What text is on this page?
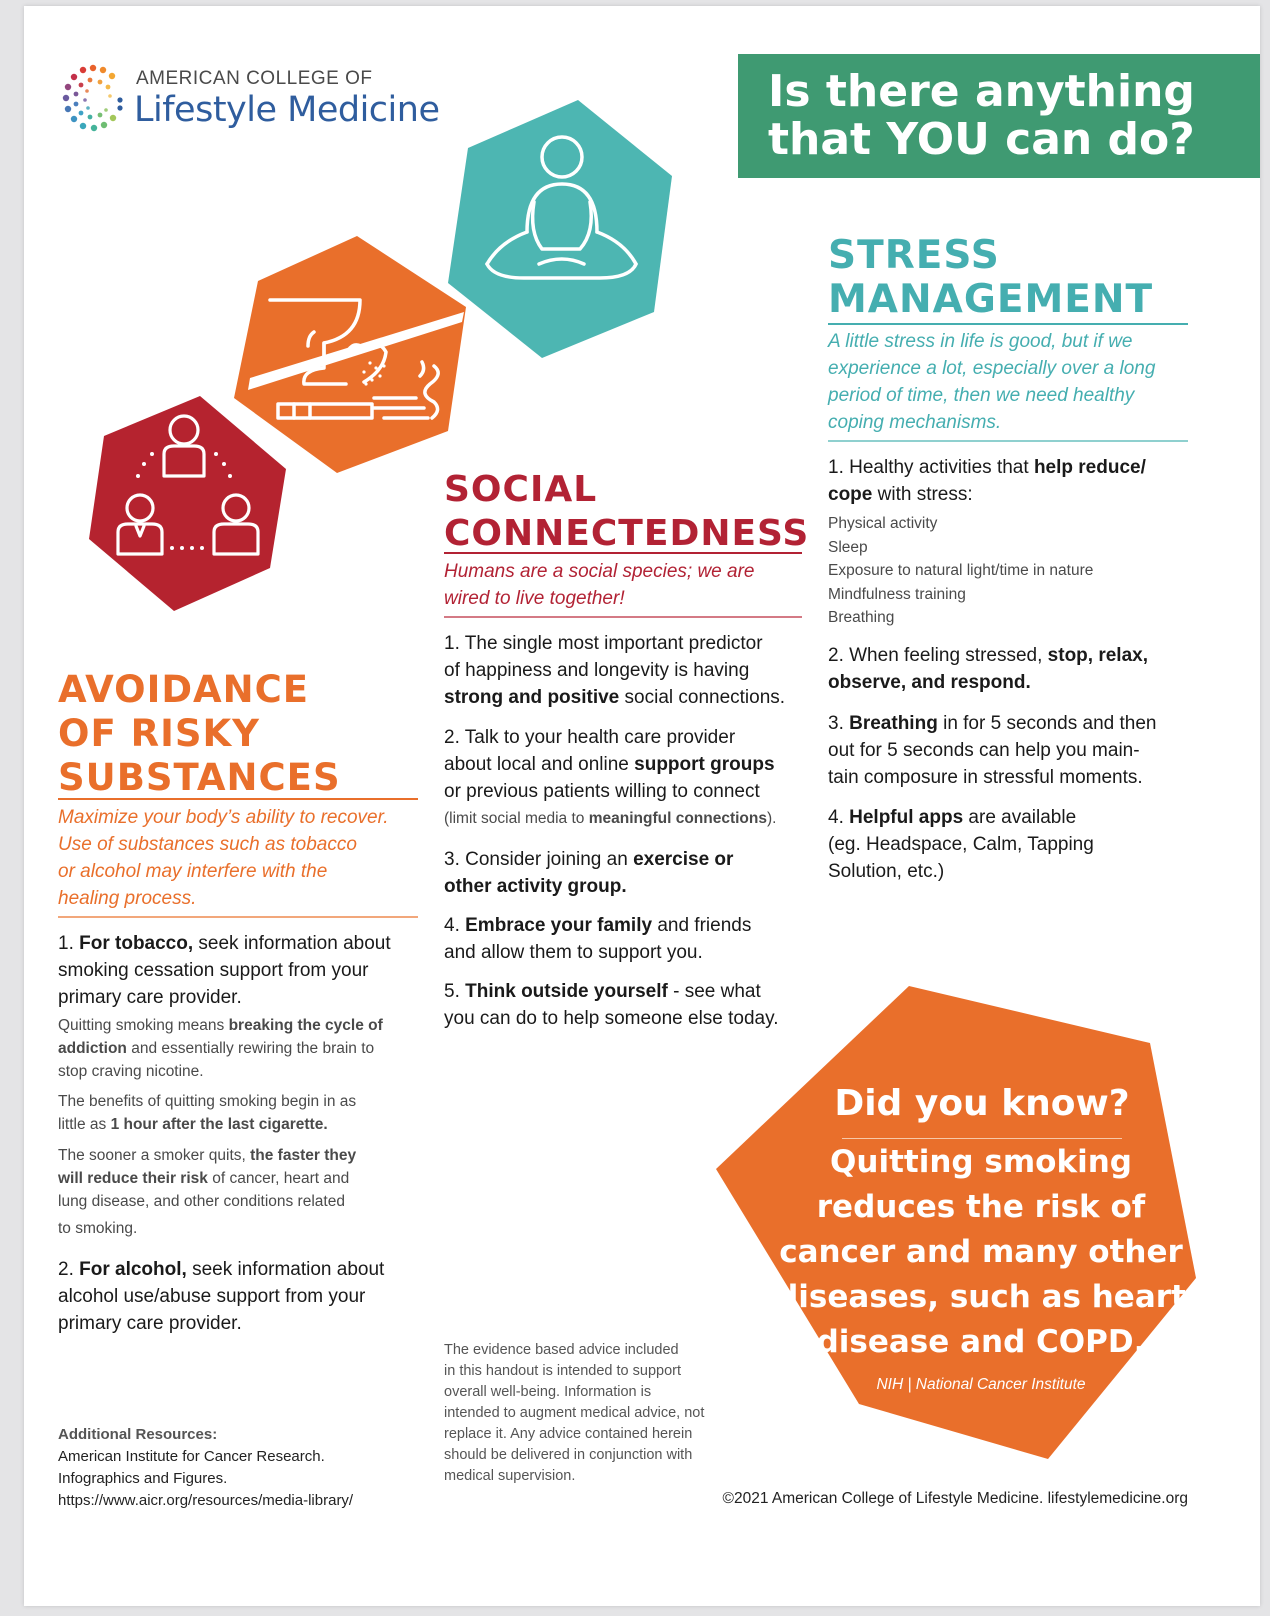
AMERICAN COLLEGE OF
Lifestyle Medicine	Is there anything
that YOU can do?
STRESS
MANAGEMENT
A little stress in life is good, but if we
experience a lot, especially over a long
period of time, then we need healthy
coping mechanisms.
1. Healthy activities that help reduce/
cope with stress:
Physical activity
Sleep
Exposure to natural light/time in nature
Mindfulness training
Breathing
2. When feeling stressed, stop, relax,
observe, and respond.
3. Breathing in for 5 seconds and then
out for 5 seconds can help you main-
tain composure in stressful moments.
4. Helpful apps are available
(eg. Headspace, Calm, Tapping
Solution, etc.)
SOCIAL
CONNECTEDNESS
Humans are a social species; we are
wired to live together!
1. The single most important predictor
of happiness and longevity is having
strong and positive social connections.
2. Talk to your health care provider
about local and online support groups
or previous patients willing to connect
(limit social media to meaningful connections).
3. Consider joining an exercise or
other activity group.
4. Embrace your family and friends
and allow them to support you.
5. Think outside yourself - see what
you can do to help someone else today.
AVOIDANCE
OF RISKY
SUBSTANCES
Maximize your body’s ability to recover.
Use of substances such as tobacco
or alcohol may interfere with the
healing process.
1. For tobacco, seek information about
smoking cessation support from your
primary care provider.
Quitting smoking means breaking the cycle of
addiction and essentially rewiring the brain to
stop craving nicotine.
The benefits of quitting smoking begin in as
little as 1 hour after the last cigarette.
The sooner a smoker quits, the faster they
will reduce their risk of cancer, heart and
lung disease, and other conditions related
to smoking.
2. For alcohol, seek information about
alcohol use/abuse support from your
primary care provider.
Did you know?
Quitting smoking
reduces the risk of
cancer and many other
diseases, such as heart
disease and COPD.
NIH | National Cancer Institute
The evidence based advice included
in this handout is intended to support
overall well-being. Information is
intended to augment medical advice, not
replace it. Any advice contained herein
should be delivered in conjunction with
medical supervision.
Additional Resources:
American Institute for Cancer Research.
Infographics and Figures.
https://www.aicr.org/resources/media-library/	©2021 American College of Lifestyle Medicine. lifestylemedicine.org
